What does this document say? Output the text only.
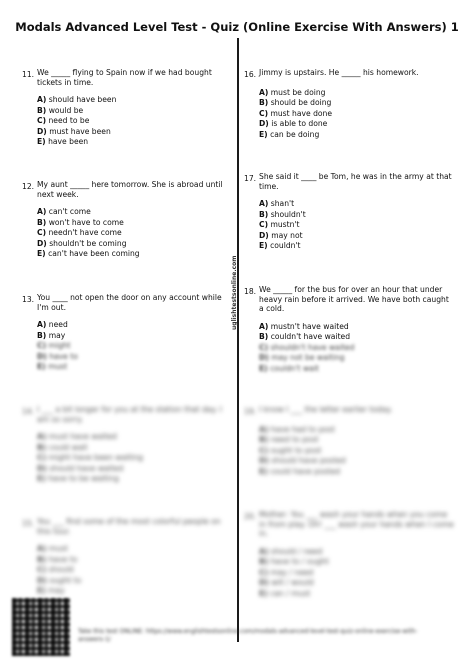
Modals Advanced Level Test - Quiz (Online Exercise With Answers) 1
uglishtestsonline.com
11. We _____ flying to Spain now if we had bought tickets in time.
A) should have been
B) would be
C) need to be
D) must have been
E) have been
12. My aunt _____ here tomorrow. She is abroad until next week.
A) can't come
B) won't have to come
C) needn't have come
D) shouldn't be coming
E) can't have been coming
13. You ____ not open the door on any account while I'm out.
A) need
B) may
C) might
D) have to
E) must
14. I ___ a bit longer for you at the station that day. I am so sorry.
A) must have waited
B) could wait
C) might have been waiting
D) should have waited
E) have to be waiting
15. You ___ find some of the most colorful people on this tour.
A) must
B) have to
C) should
D) ought to
E) may
16. Jimmy is upstairs. He _____ his homework.
A) must be doing
B) should be doing
C) must have done
D) is able to done
E) can be doing
17. She said it ____ be Tom, he was in the army at that time.
A) shan't
B) shouldn't
C) mustn't
D) may not
E) couldn't
18. We _____ for the bus for over an hour that under heavy rain before it arrived. We have both caught a cold.
A) mustn't have waited
B) couldn't have waited
C) shouldn't have waited
D) may not be waiting
E) couldn't wait
19. I know I ___ the letter earlier today.
A) have had to post
B) need to post
C) ought to post
D) should have posted
E) could have posted
20. Mother: You ___ wash your hands when you come in from play. Oh! ___ wash your hands when I come in.
A) should / need
B) have to / ought
C) may / need
D) will / would
E) can / must
Take this test ONLINE: https://www.englishtestsonline.com/modals-advanced-level-test-quiz-online-exercise-with-answers-1/
